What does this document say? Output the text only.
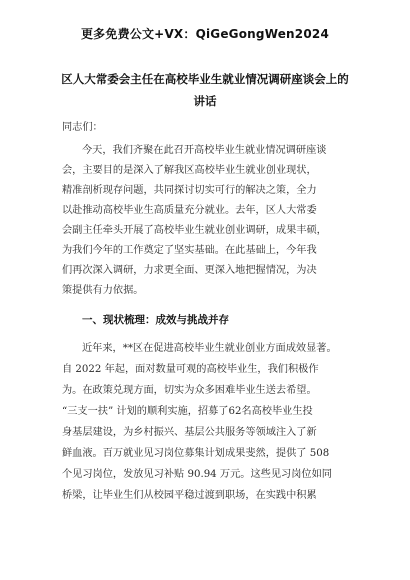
更多免费公文+VX：QiGeGongWen2024
区人大常委会主任在高校毕业生就业情况调研座谈会上的
讲话
同志们：
今天，我们齐聚在此召开高校毕业生就业情况调研座谈
会，主要目的是深入了解我区高校毕业生就业创业现状，
精准剖析现存问题，共同探讨切实可行的解决之策，全力
以赴推动高校毕业生高质量充分就业。去年，区人大常委
会副主任牵头开展了高校毕业生就业创业调研，成果丰硕，
为我们今年的工作奠定了坚实基础。在此基础上，今年我
们再次深入调研，力求更全面、更深入地把握情况，为决
策提供有力依据。
一、现状梳理：成效与挑战并存
近年来，**区在促进高校毕业生就业创业方面成效显著。
自 2022 年起，面对数量可观的高校毕业生，我们积极作
为。在政策兑现方面，切实为众多困难毕业生送去希望。
“三支一扶” 计划的顺利实施，招募了62名高校毕业生投
身基层建设，为乡村振兴、基层公共服务等领域注入了新
鲜血液。百万就业见习岗位募集计划成果斐然，提供了 508
个见习岗位，发放见习补贴 90.94 万元。这些见习岗位如同
桥梁，让毕业生们从校园平稳过渡到职场，在实践中积累
